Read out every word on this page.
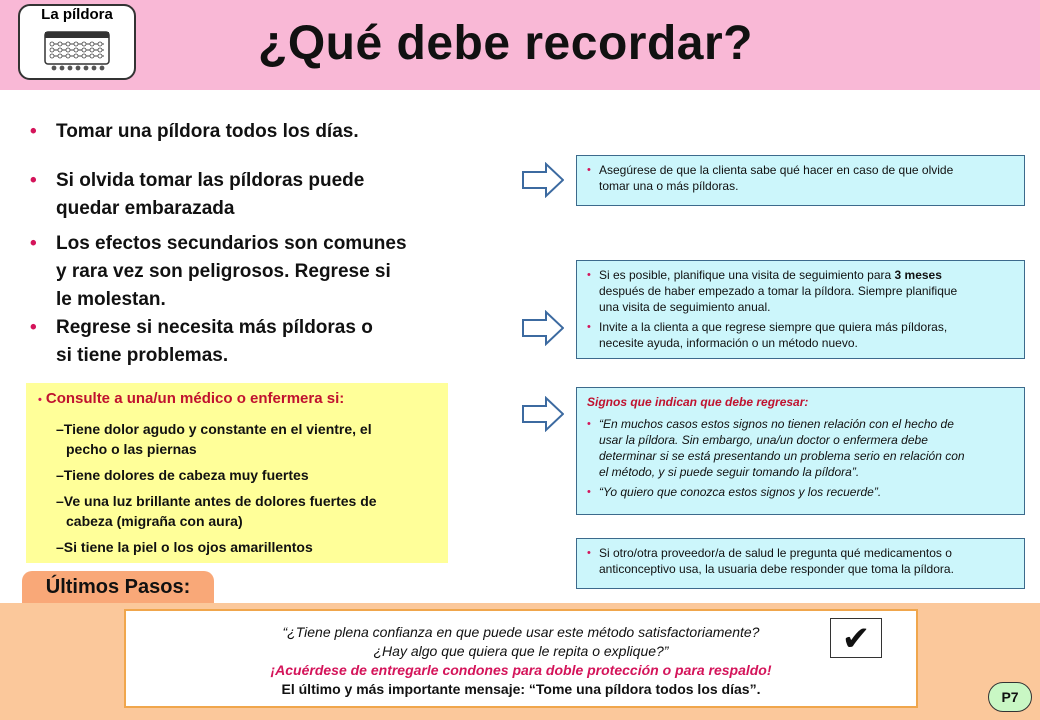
La píldora
¿Qué debe recordar?
• Tomar una píldora todos los días.
• Si olvida tomar las píldoras puede
quedar embarazada
• Los efectos secundarios son comunes
y rara vez son peligrosos. Regrese si
le molestan.
• Regrese si necesita más píldoras o
si tiene problemas.
• Asegúrese de que la clienta sabe qué hacer en caso de que olvide
tomar una o más píldoras.
• Si es posible, planifique una visita de seguimiento para 3 meses
después de haber empezado a tomar la píldora. Siempre planifique
una visita de seguimiento anual.
• Invite a la clienta a que regrese siempre que quiera más píldoras,
necesite ayuda, información o un método nuevo.
Signos que indican que debe regresar:
• “En muchos casos estos signos no tienen relación con el hecho de
usar la píldora. Sin embargo, una/un doctor o enfermera debe
determinar si se está presentando un problema serio en relación con
el método, y si puede seguir tomando la píldora”.
• “Yo quiero que conozca estos signos y los recuerde”.
• Si otro/otra proveedor/a de salud le pregunta qué medicamentos o
anticonceptivo usa, la usuaria debe responder que toma la píldora.
• Consulte a una/un médico o enfermera si:
–Tiene dolor agudo y constante en el vientre, el
pecho o las piernas
–Tiene dolores de cabeza muy fuertes
–Ve una luz brillante antes de dolores fuertes de
cabeza (migraña con aura)
–Si tiene la piel o los ojos amarillentos
Últimos Pasos:
“¿Tiene plena confianza en que puede usar este método satisfactoriamente?
¿Hay algo que quiera que le repita o explique?”
¡Acuérdese de entregarle condones para doble protección o para respaldo!
El último y más importante mensaje: “Tome una píldora todos los días”.
✔
P7
